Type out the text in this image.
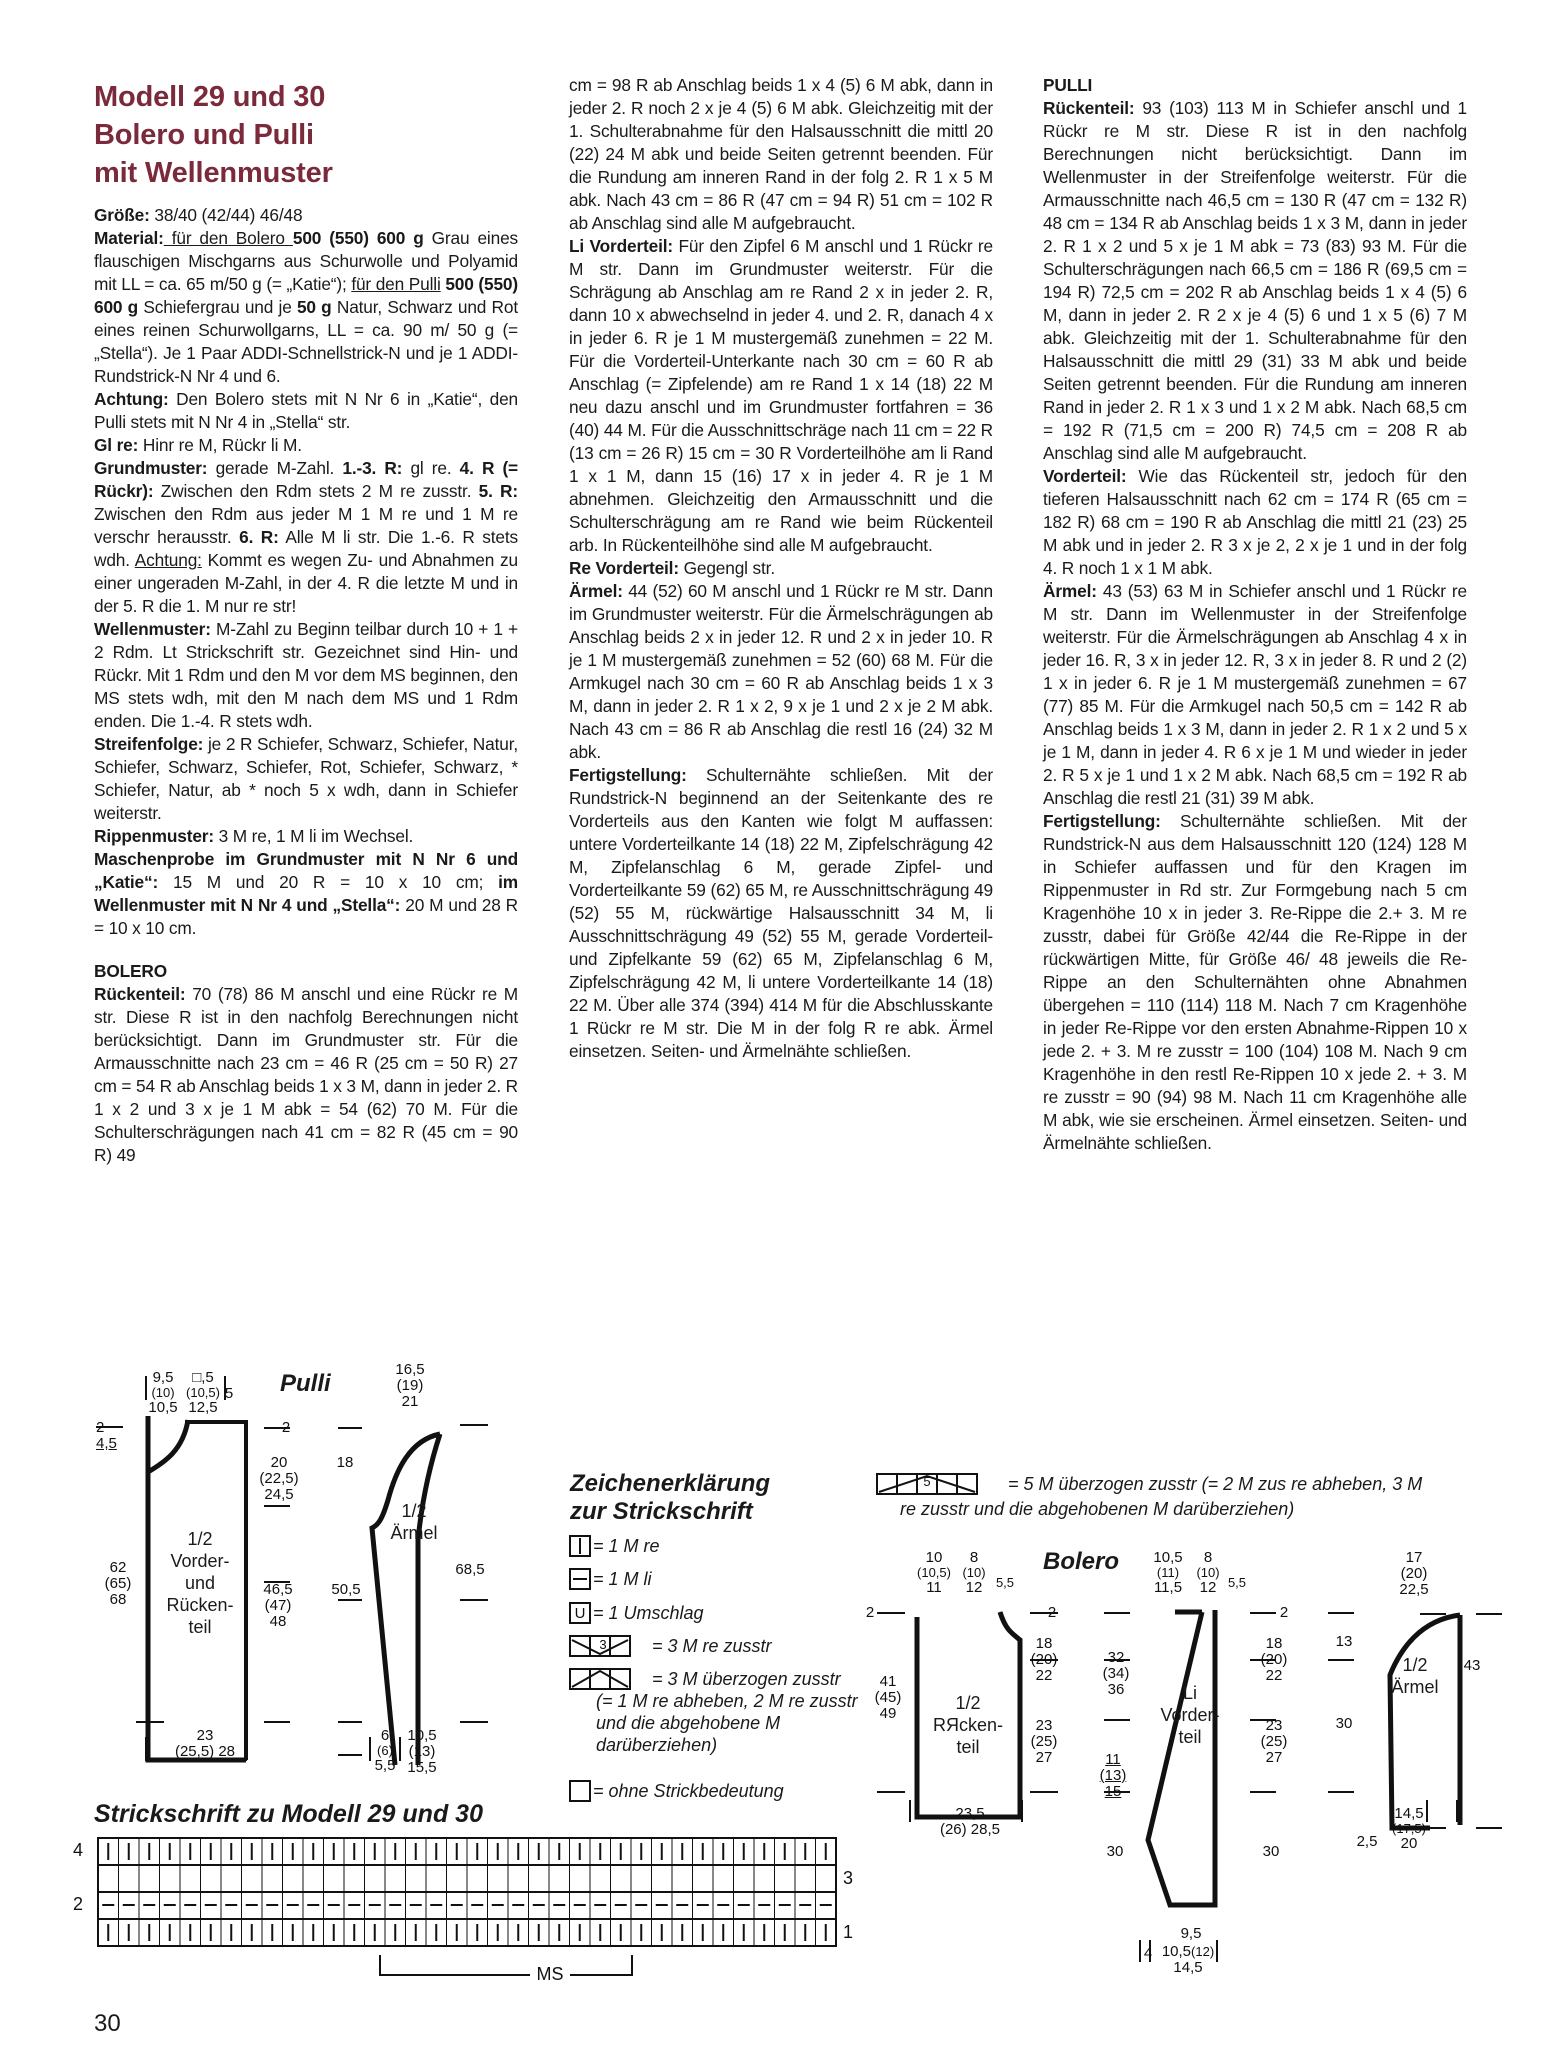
Modell 29 und 30
Bolero und Pulli
mit Wellenmuster

Größe: 38/40 (42/44) 46/48

Material: für den Bolero 500 (550) 600 g Grau eines flauschigen Mischgarns aus Schurwolle und Polyamid mit LL = ca. 65 m/50 g (= „Katie“); für den Pulli 500 (550) 600 g Schiefergrau und je 50 g Natur, Schwarz und Rot eines reinen Schurwollgarns, LL = ca. 90 m/ 50 g (= „Stella“). Je 1 Paar ADDI-Schnellstrick-N und je 1 ADDI-Rundstrick-N Nr 4 und 6.

Achtung: Den Bolero stets mit N Nr 6 in „Katie“, den Pulli stets mit N Nr 4 in „Stella“ str.

Gl re: Hinr re M, Rückr li M.

Grundmuster: gerade M-Zahl. 1.-3. R: gl re. 4. R (= Rückr): Zwischen den Rdm stets 2 M re zusstr. 5. R: Zwischen den Rdm aus jeder M 1 M re und 1 M re verschr herausstr. 6. R: Alle M li str. Die 1.-6. R stets wdh. Achtung: Kommt es wegen Zu- und Abnahmen zu einer ungeraden M-Zahl, in der 4. R die letzte M und in der 5. R die 1. M nur re str!

Wellenmuster: M-Zahl zu Beginn teilbar durch 10 + 1 + 2 Rdm. Lt Strickschrift str. Gezeichnet sind Hin- und Rückr. Mit 1 Rdm und den M vor dem MS beginnen, den MS stets wdh, mit den M nach dem MS und 1 Rdm enden. Die 1.-4. R stets wdh.

Streifenfolge: je 2 R Schiefer, Schwarz, Schiefer, Natur, Schiefer, Schwarz, Schiefer, Rot, Schiefer, Schwarz, * Schiefer, Natur, ab * noch 5 x wdh, dann in Schiefer weiterstr.

Rippenmuster: 3 M re, 1 M li im Wechsel.

Maschenprobe im Grundmuster mit N Nr 6 und „Katie“: 15 M und 20 R = 10 x 10 cm; im Wellenmuster mit N Nr 4 und „Stella“: 20 M und 28 R = 10 x 10 cm.

BOLERO

Rückenteil: 70 (78) 86 M anschl und eine Rückr re M str. Diese R ist in den nachfolg Berechnungen nicht berücksichtigt. Dann im Grundmuster str. Für die Armausschnitte nach 23 cm = 46 R (25 cm = 50 R) 27 cm = 54 R ab Anschlag beids 1 x 3 M, dann in jeder 2. R 1 x 2 und 3 x je 1 M abk = 54 (62) 70 M. Für die Schulterschrägungen nach 41 cm = 82 R (45 cm = 90 R) 49

cm = 98 R ab Anschlag beids 1 x 4 (5) 6 M abk, dann in jeder 2. R noch 2 x je 4 (5) 6 M abk. Gleichzeitig mit der 1. Schulterabnahme für den Halsausschnitt die mittl 20 (22) 24 M abk und beide Seiten getrennt beenden. Für die Rundung am inneren Rand in der folg 2. R 1 x 5 M abk. Nach 43 cm = 86 R (47 cm = 94 R) 51 cm = 102 R ab Anschlag sind alle M aufgebraucht.

Li Vorderteil: Für den Zipfel 6 M anschl und 1 Rückr re M str. Dann im Grundmuster weiterstr. Für die Schrägung ab Anschlag am re Rand 2 x in jeder 2. R, dann 10 x abwechselnd in jeder 4. und 2. R, danach 4 x in jeder 6. R je 1 M mustergemäß zunehmen = 22 M. Für die Vorderteil-Unterkante nach 30 cm = 60 R ab Anschlag (= Zipfelende) am re Rand 1 x 14 (18) 22 M neu dazu anschl und im Grundmuster fortfahren = 36 (40) 44 M. Für die Ausschnittschräge nach 11 cm = 22 R (13 cm = 26 R) 15 cm = 30 R Vorderteilhöhe am li Rand 1 x 1 M, dann 15 (16) 17 x in jeder 4. R je 1 M abnehmen. Gleichzeitig den Armausschnitt und die Schulterschrägung am re Rand wie beim Rückenteil arb. In Rückenteilhöhe sind alle M aufgebraucht.

Re Vorderteil: Gegengl str.

Ärmel: 44 (52) 60 M anschl und 1 Rückr re M str. Dann im Grundmuster weiterstr. Für die Ärmelschrägungen ab Anschlag beids 2 x in jeder 12. R und 2 x in jeder 10. R je 1 M mustergemäß zunehmen = 52 (60) 68 M. Für die Armkugel nach 30 cm = 60 R ab Anschlag beids 1 x 3 M, dann in jeder 2. R 1 x 2, 9 x je 1 und 2 x je 2 M abk. Nach 43 cm = 86 R ab Anschlag die restl 16 (24) 32 M abk.

Fertigstellung: Schulternähte schließen. Mit der Rundstrick-N beginnend an der Seitenkante des re Vorderteils aus den Kanten wie folgt M auffassen: untere Vorderteilkante 14 (18) 22 M, Zipfelschrägung 42 M, Zipfelanschlag 6 M, gerade Zipfel- und Vorderteilkante 59 (62) 65 M, re Ausschnittschrägung 49 (52) 55 M, rückwärtige Halsausschnitt 34 M, li Ausschnittschrägung 49 (52) 55 M, gerade Vorderteil- und Zipfelkante 59 (62) 65 M, Zipfelanschlag 6 M, Zipfelschrägung 42 M, li untere Vorderteilkante 14 (18) 22 M. Über alle 374 (394) 414 M für die Abschlusskante 1 Rückr re M str. Die M in der folg R re abk. Ärmel einsetzen. Seiten- und Ärmelnähte schließen.

PULLI

Rückenteil: 93 (103) 113 M in Schiefer anschl und 1 Rückr re M str. Diese R ist in den nachfolg Berechnungen nicht berücksichtigt. Dann im Wellenmuster in der Streifenfolge weiterstr. Für die Armausschnitte nach 46,5 cm = 130 R (47 cm = 132 R) 48 cm = 134 R ab Anschlag beids 1 x 3 M, dann in jeder 2. R 1 x 2 und 5 x je 1 M abk = 73 (83) 93 M. Für die Schulterschrägungen nach 66,5 cm = 186 R (69,5 cm = 194 R) 72,5 cm = 202 R ab Anschlag beids 1 x 4 (5) 6 M, dann in jeder 2. R 2 x je 4 (5) 6 und 1 x 5 (6) 7 M abk. Gleichzeitig mit der 1. Schulterabnahme für den Halsausschnitt die mittl 29 (31) 33 M abk und beide Seiten getrennt beenden. Für die Rundung am inneren Rand in jeder 2. R 1 x 3 und 1 x 2 M abk. Nach 68,5 cm = 192 R (71,5 cm = 200 R) 74,5 cm = 208 R ab Anschlag sind alle M aufgebraucht.

Vorderteil: Wie das Rückenteil str, jedoch für den tieferen Halsausschnitt nach 62 cm = 174 R (65 cm = 182 R) 68 cm = 190 R ab Anschlag die mittl 21 (23) 25 M abk und in jeder 2. R 3 x je 2, 2 x je 1 und in der folg 4. R noch 1 x 1 M abk.

Ärmel: 43 (53) 63 M in Schiefer anschl und 1 Rückr re M str. Dann im Wellenmuster in der Streifenfolge weiterstr. Für die Ärmelschrägungen ab Anschlag 4 x in jeder 16. R, 3 x in jeder 12. R, 3 x in jeder 8. R und 2 (2) 1 x in jeder 6. R je 1 M mustergemäß zunehmen = 67 (77) 85 M. Für die Armkugel nach 50,5 cm = 142 R ab Anschlag beids 1 x 3 M, dann in jeder 2. R 1 x 2 und 5 x je 1 M, dann in jeder 4. R 6 x je 1 M und wieder in jeder 2. R 5 x je 1 und 1 x 2 M abk. Nach 68,5 cm = 192 R ab Anschlag die restl 21 (31) 39 M abk.

Fertigstellung: Schulternähte schließen. Mit der Rundstrick-N aus dem Halsausschnitt 120 (124) 128 M in Schiefer auffassen und für den Kragen im Rippenmuster in Rd str. Zur Formgebung nach 5 cm Kragenhöhe 10 x in jeder 3. Re-Rippe die 2.+ 3. M re zusstr, dabei für Größe 42/44 die Re-Rippe in der rückwärtigen Mitte, für Größe 46/ 48 jeweils die Re-Rippe an den Schulternähten ohne Abnahmen übergehen = 110 (114) 118 M. Nach 7 cm Kragenhöhe in jeder Re-Rippe vor den ersten Abnahme-Rippen 10 x jede 2. + 3. M re zusstr = 100 (104) 108 M. Nach 9 cm Kragenhöhe in den restl Re-Rippen 10 x jede 2. + 3. M re zusstr = 90 (94) 98 M. Nach 11 cm Kragenhöhe alle M abk, wie sie erscheinen. Ärmel einsetzen. Seiten- und Ärmelnähte schließen.

Pulli
9,5
(10)
10,5
□,5
(10,5)
12,5
5
2
4,5
2
20
(22,5)
24,5
18
62
(65)
68
1/2
Vorder-
und
Rücken-
teil
46,5
(47)
48
50,5
23
(25,5) 28
16,5
(19)
21
1/2
Ärmel
68,5
6
(6)
5,5
10,5
(13)
15,5
Zeichenerklärung
zur Strickschrift
U
3
5
= 1 M re
= 1 M li
= 1 Umschlag
= 3 M re zusstr
= 3 M überzogen zusstr (= 1 M re abheben, 2 M re zusstr und die abgehobene M darüberziehen)
= ohne Strickbedeutung
= 5 M überzogen zusstr (= 2 M zus re abheben, 3 M
re zusstr und die abgehobenen M darüberziehen)
Bolero
10
(10,5)
11
8
(10)
12	5,5
2	2
41
(45)
49
18
(20)
22
23
(25)
27
1/2
RЯcken-
teil
23,5
(26) 28,5
10,5
(11)
11,5
8
(10)
12 5,5
2
32
(34)
36
18
(20)
22
23
(25)
27
Li
Vorder-
teil
11
(13)
15
30	30
9,5
4 10,5(12)
14,5
17
(20)
22,5
13
30
43
1/2
Ärmel
2,5
14,5
(17,5)
20
Strickschrift zu Modell 29 und 30
4
2
3
1
MS
30
